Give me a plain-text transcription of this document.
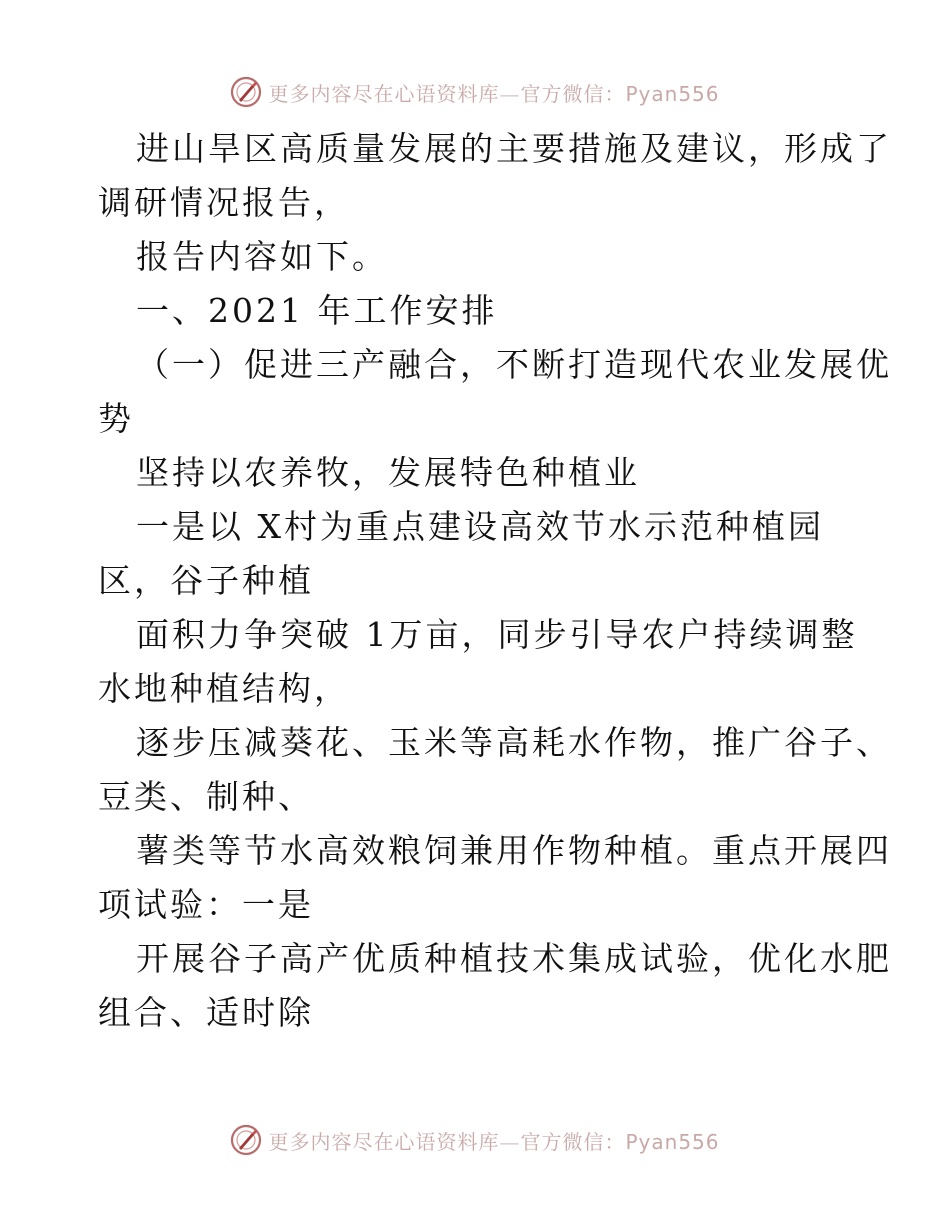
更多内容尽在心语资料库—官方微信：Pyan556
进山旱区高质量发展的主要措施及建议，形成了
调研情况报告，
报告内容如下。
一、2021 年工作安排
（一）促进三产融合，不断打造现代农业发展优
势
坚持以农养牧，发展特色种植业
一是以 X村为重点建设高效节水示范种植园
区，谷子种植
面积力争突破 1万亩，同步引导农户持续调整
水地种植结构，
逐步压减葵花、玉米等高耗水作物，推广谷子、
豆类、制种、
薯类等节水高效粮饲兼用作物种植。重点开展四
项试验：一是
开展谷子高产优质种植技术集成试验，优化水肥
组合、适时除
更多内容尽在心语资料库—官方微信：Pyan556
